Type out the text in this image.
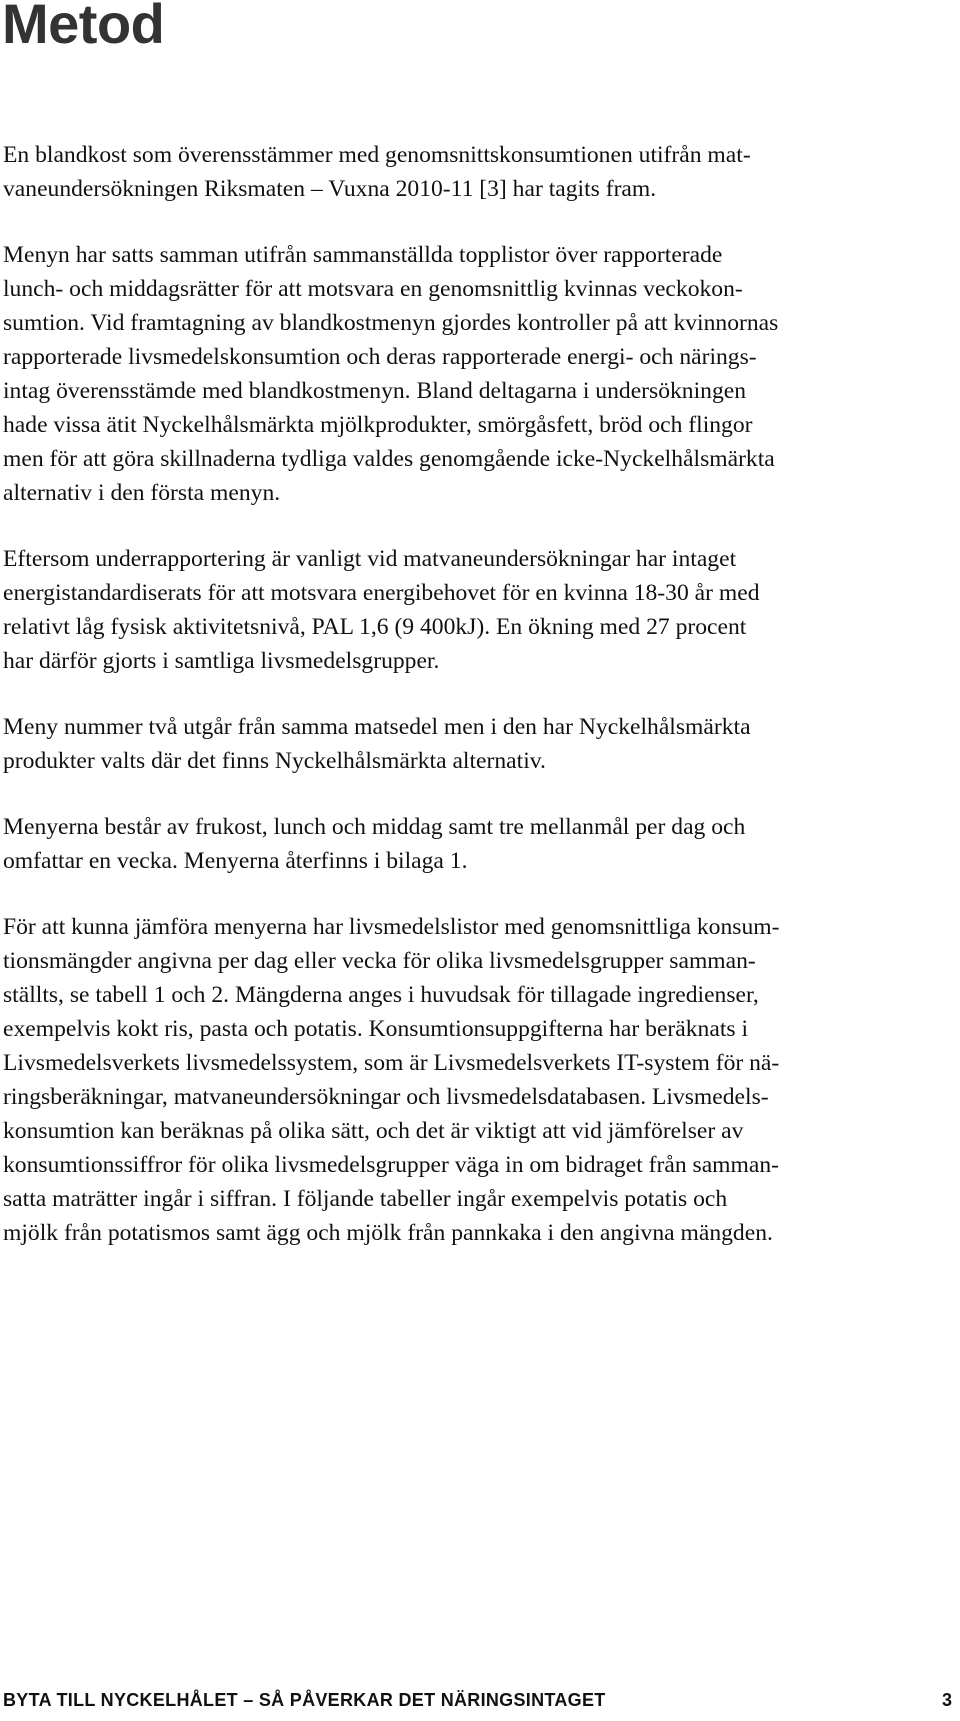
Metod

En blandkost som överensstämmer med genomsnittskonsumtionen utifrån mat-
vaneundersökningen Riksmaten – Vuxna 2010-11 [3] har tagits fram.

Menyn har satts samman utifrån sammanställda topplistor över rapporterade
lunch- och middagsrätter för att motsvara en genomsnittlig kvinnas veckokon-
sumtion. Vid framtagning av blandkostmenyn gjordes kontroller på att kvinnornas
rapporterade livsmedelskonsumtion och deras rapporterade energi- och närings-
intag överensstämde med blandkostmenyn. Bland deltagarna i undersökningen
hade vissa ätit Nyckelhålsmärkta mjölkprodukter, smörgåsfett, bröd och flingor
men för att göra skillnaderna tydliga valdes genomgående icke-Nyckelhålsmärkta
alternativ i den första menyn.

Eftersom underrapportering är vanligt vid matvaneundersökningar har intaget
energistandardiserats för att motsvara energibehovet för en kvinna 18-30 år med
relativt låg fysisk aktivitetsnivå, PAL 1,6 (9 400kJ). En ökning med 27 procent
har därför gjorts i samtliga livsmedelsgrupper.

Meny nummer två utgår från samma matsedel men i den har Nyckelhålsmärkta
produkter valts där det finns Nyckelhålsmärkta alternativ.

Menyerna består av frukost, lunch och middag samt tre mellanmål per dag och
omfattar en vecka. Menyerna återfinns i bilaga 1.

För att kunna jämföra menyerna har livsmedelslistor med genomsnittliga konsum-
tionsmängder angivna per dag eller vecka för olika livsmedelsgrupper samman-
ställts, se tabell 1 och 2. Mängderna anges i huvudsak för tillagade ingredienser,
exempelvis kokt ris, pasta och potatis. Konsumtionsuppgifterna har beräknats i
Livsmedelsverkets livsmedelssystem, som är Livsmedelsverkets IT-system för nä-
ringsberäkningar, matvaneundersökningar och livsmedelsdatabasen. Livsmedels-
konsumtion kan beräknas på olika sätt, och det är viktigt att vid jämförelser av
konsumtionssiffror för olika livsmedelsgrupper väga in om bidraget från samman-
satta maträtter ingår i siffran. I följande tabeller ingår exempelvis potatis och
mjölk från potatismos samt ägg och mjölk från pannkaka i den angivna mängden.

BYTA TILL NYCKELHÅLET – SÅ PÅVERKAR DET NÄRINGSINTAGET	3
